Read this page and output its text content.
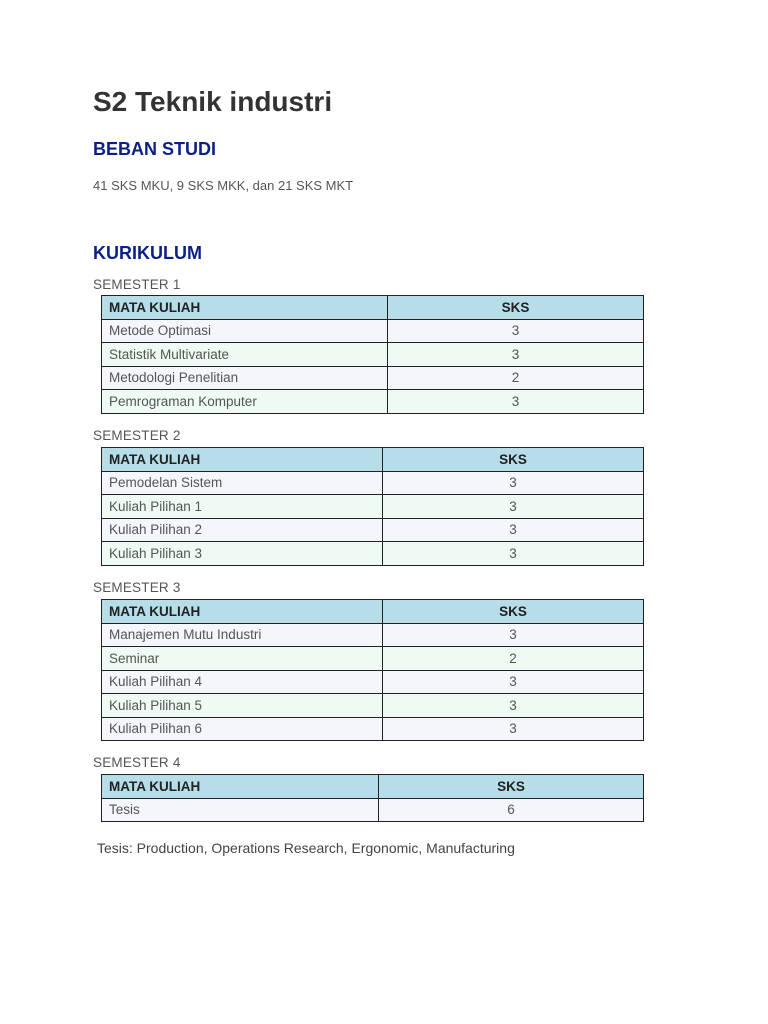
S2 Teknik industri
BEBAN STUDI
41 SKS MKU, 9 SKS MKK, dan 21 SKS MKT
KURIKULUM
SEMESTER 1
MATA KULIAH	SKS
Metode Optimasi	3
Statistik Multivariate	3
Metodologi Penelitian	2
Pemrograman Komputer	3
SEMESTER 2
MATA KULIAH	SKS
Pemodelan Sistem	3
Kuliah Pilihan 1	3
Kuliah Pilihan 2	3
Kuliah Pilihan 3	3
SEMESTER 3
MATA KULIAH	SKS
Manajemen Mutu Industri	3
Seminar	2
Kuliah Pilihan 4	3
Kuliah Pilihan 5	3
Kuliah Pilihan 6	3
SEMESTER 4
MATA KULIAH	SKS
Tesis	6
Tesis: Production, Operations Research, Ergonomic, Manufacturing
